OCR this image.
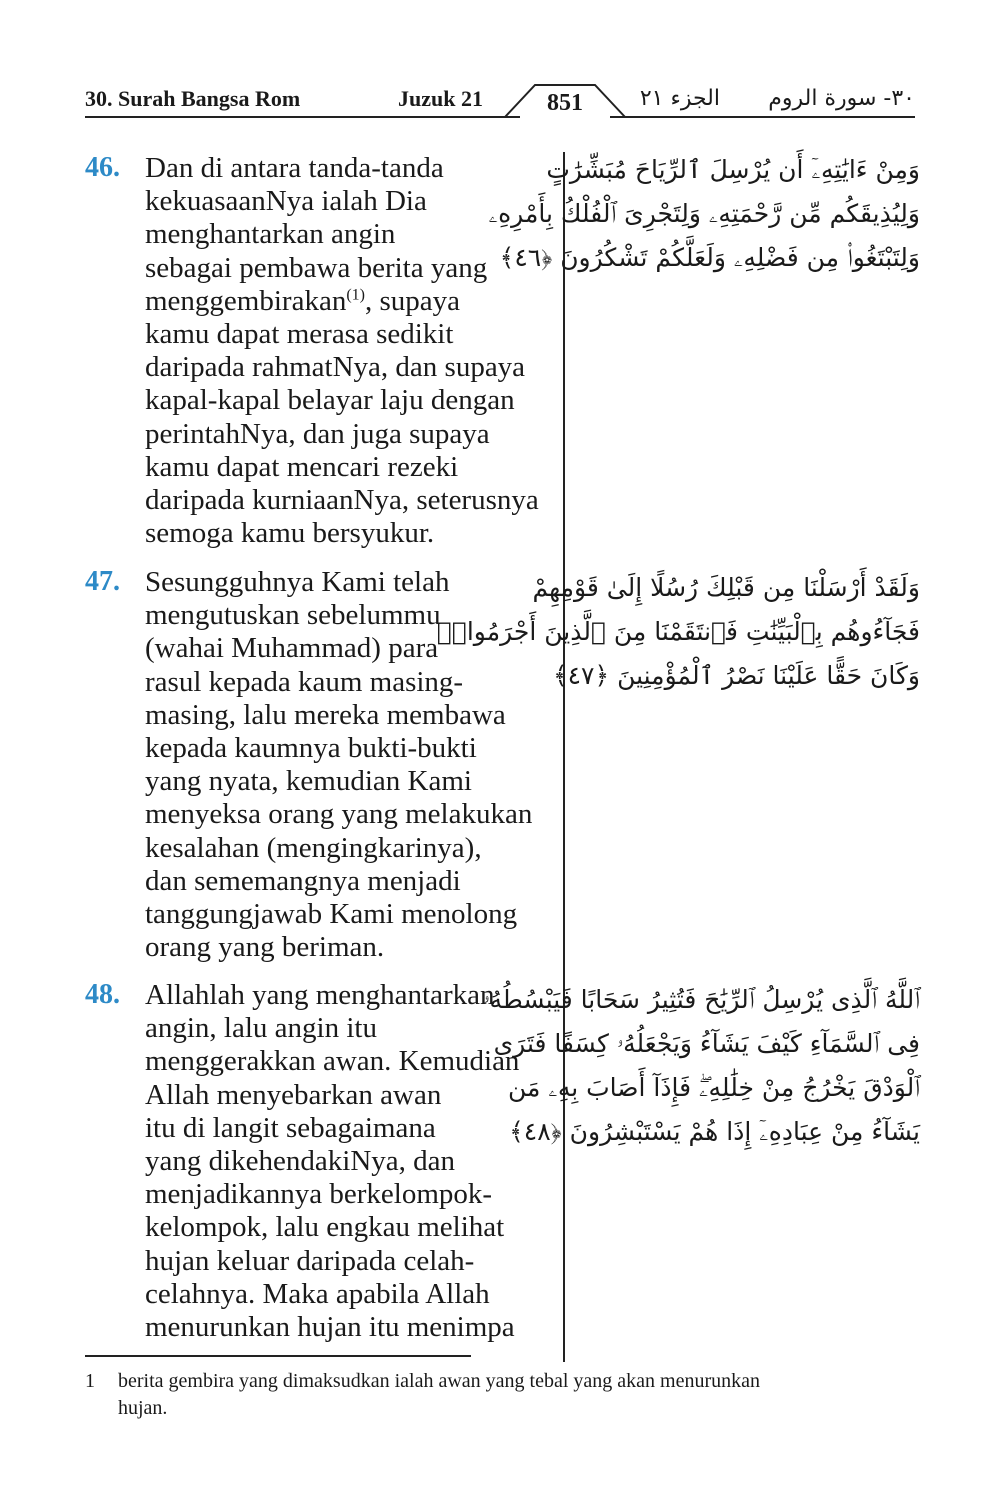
30. Surah Bangsa Rom	Juzuk 21	851	الجزء ٢١	٣٠- سورة الروم
46. Dan di antara tanda-tanda
kekuasaanNya ialah Dia
menghantarkan angin
sebagai pembawa berita yang
menggembirakan$^{(1)}$, supaya
kamu dapat merasa sedikit
daripada rahmatNya, dan supaya
kapal-kapal belayar laju dengan
perintahNya, dan juga supaya
kamu dapat mencari rezeki
daripada kurniaanNya, seterusnya
semoga kamu bersyukur.
وَمِنْ ءَايَٰتِهِۦٓ أَن يُرْسِلَ ٱلرِّيَاحَ مُبَشِّرَٰتٍ
وَلِيُذِيقَكُم مِّن رَّحْمَتِهِۦ وَلِتَجْرِىَ ٱلْفُلْكُ بِأَمْرِهِۦ
وَلِتَبْتَغُوا۟ مِن فَضْلِهِۦ وَلَعَلَّكُمْ تَشْكُرُونَ ﴿٤٦﴾
47. Sesungguhnya Kami telah
mengutuskan sebelummu
(wahai Muhammad) para
rasul kepada kaum masing-
masing, lalu mereka membawa
kepada kaumnya bukti-bukti
yang nyata, kemudian Kami
menyeksa orang yang melakukan
kesalahan (mengingkarinya),
dan sememangnya menjadi
tanggungjawab Kami menolong
orang yang beriman.
وَلَقَدْ أَرْسَلْنَا مِن قَبْلِكَ رُسُلًا إِلَىٰ قَوْمِهِمْ
فَجَآءُوهُم بِٱلْبَيِّنَٰتِ فَٱنتَقَمْنَا مِنَ ٱلَّذِينَ أَجْرَمُوا۟ۖ
وَكَانَ حَقًّا عَلَيْنَا نَصْرُ ٱلْمُؤْمِنِينَ ﴿٤٧﴾
48. Allahlah yang menghantarkan
angin, lalu angin itu
menggerakkan awan. Kemudian
Allah menyebarkan awan
itu di langit sebagaimana
yang dikehendakiNya, dan
menjadikannya berkelompok-
kelompok, lalu engkau melihat
hujan keluar daripada celah-
celahnya. Maka apabila Allah
menurunkan hujan itu menimpa
ٱللَّهُ ٱلَّذِى يُرْسِلُ ٱلرِّيَٰحَ فَتُثِيرُ سَحَابًا فَيَبْسُطُهُۥ
فِى ٱلسَّمَآءِ كَيْفَ يَشَآءُ وَيَجْعَلُهُۥ كِسَفًا فَتَرَى
ٱلْوَدْقَ يَخْرُجُ مِنْ خِلَٰلِهِۦۖ فَإِذَآ أَصَابَ بِهِۦ مَن
يَشَآءُ مِنْ عِبَادِهِۦٓ إِذَا هُمْ يَسْتَبْشِرُونَ ﴿٤٨﴾
1 berita gembira yang dimaksudkan ialah awan yang tebal yang akan menurunkan
hujan.
